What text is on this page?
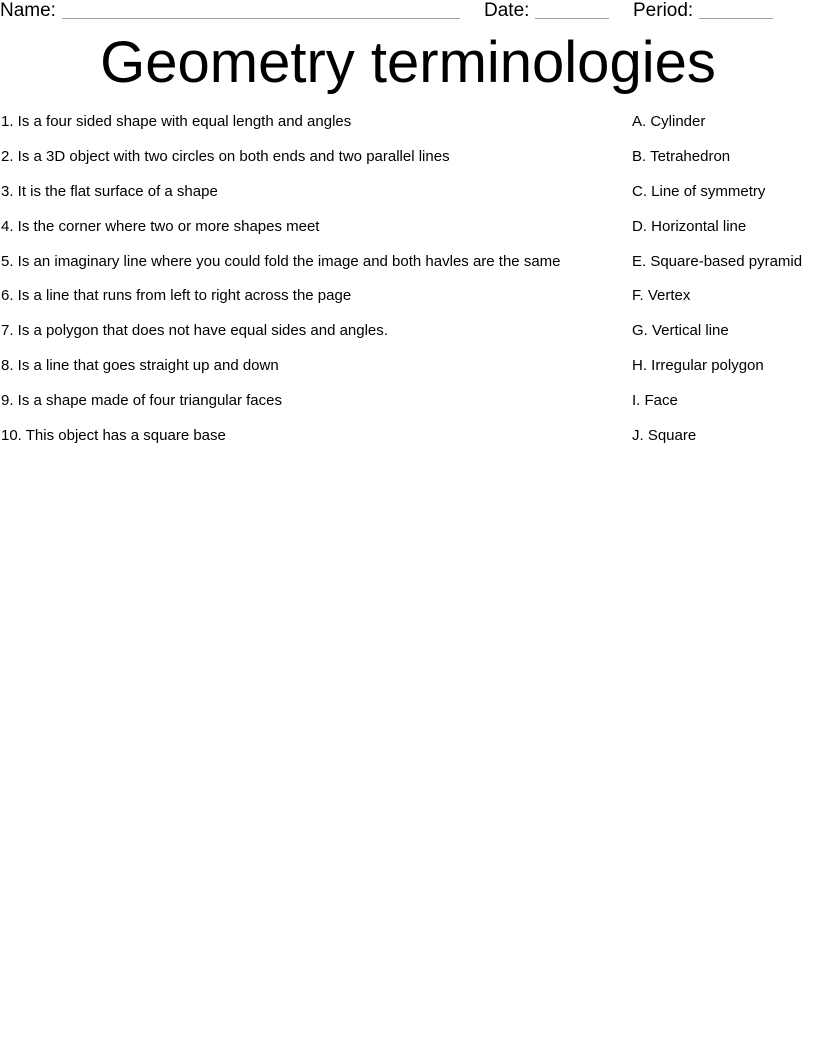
Name:	Date:	Period:
Geometry terminologies
1. Is a four sided shape with equal length and angles	A. Cylinder
2. Is a 3D object with two circles on both ends and two parallel lines	B. Tetrahedron
3. It is the flat surface of a shape	C. Line of symmetry
4. Is the corner where two or more shapes meet	D. Horizontal line
5. Is an imaginary line where you could fold the image and both havles are the same	E. Square-based pyramid
6. Is a line that runs from left to right across the page	F. Vertex
7. Is a polygon that does not have equal sides and angles.	G. Vertical line
8. Is a line that goes straight up and down	H. Irregular polygon
9. Is a shape made of four triangular faces	I. Face
10. This object has a square base	J. Square
